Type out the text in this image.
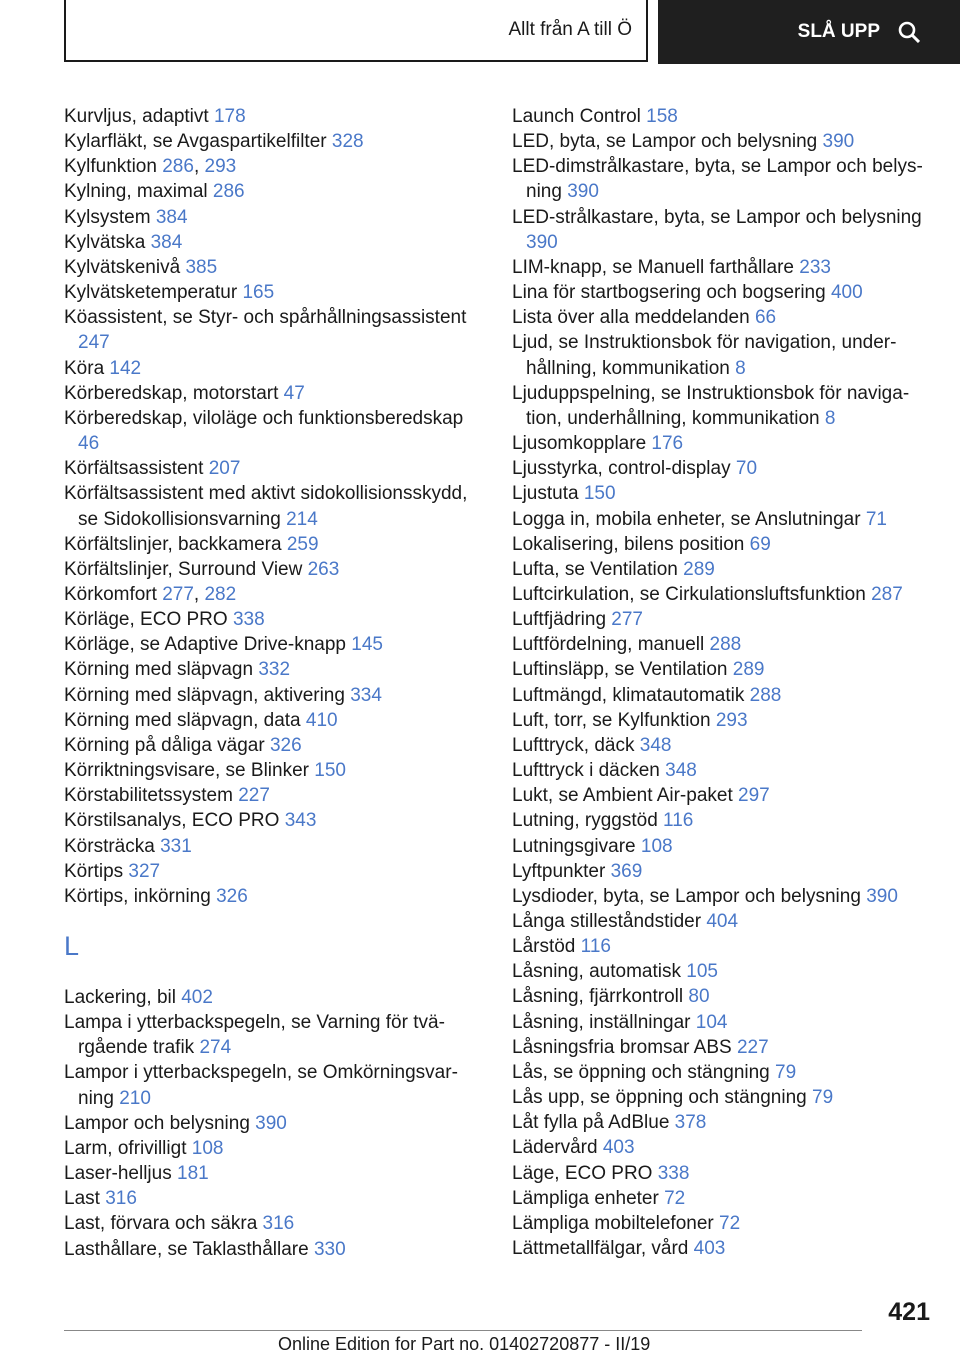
Allt från A till Ö	SLÅ UPP
Kurvljus, adaptivt 178
Kylarfläkt, se Avgaspartikelfilter 328
Kylfunktion 286, 293
Kylning, maximal 286
Kylsystem 384
Kylvätska 384
Kylvätskenivå 385
Kylvätsketemperatur 165
Köassistent, se Styr- och spårhållningsassistent 247
Köra 142
Körberedskap, motorstart 47
Körberedskap, viloläge och funktionsberedskap 46
Körfältsassistent 207
Körfältsassistent med aktivt sidokollisionsskydd, se Sidokollisionsvarning 214
Körfältslinjer, backkamera 259
Körfältslinjer, Surround View 263
Körkomfort 277, 282
Körläge, ECO PRO 338
Körläge, se Adaptive Drive-knapp 145
Körning med släpvagn 332
Körning med släpvagn, aktivering 334
Körning med släpvagn, data 410
Körning på dåliga vägar 326
Körriktningsvisare, se Blinker 150
Körstabilitetssystem 227
Körstilsanalys, ECO PRO 343
Körsträcka 331
Körtips 327
Körtips, inkörning 326
L
Lackering, bil 402
Lampa i ytterbackspegeln, se Varning för tvärgående trafik 274
Lampor i ytterbackspegeln, se Omkörningsvarning 210
Lampor och belysning 390
Larm, ofrivilligt 108
Laser-helljus 181
Last 316
Last, förvara och säkra 316
Lasthållare, se Taklasthållare 330
Launch Control 158
LED, byta, se Lampor och belysning 390
LED-dimstrålkastare, byta, se Lampor och belysning 390
LED-strålkastare, byta, se Lampor och belysning 390
LIM-knapp, se Manuell farthållare 233
Lina för startbogsering och bogsering 400
Lista över alla meddelanden 66
Ljud, se Instruktionsbok för navigation, underhållning, kommunikation 8
Ljuduppspelning, se Instruktionsbok för navigation, underhållning, kommunikation 8
Ljusomkopplare 176
Ljusstyrka, control-display 70
Ljustuta 150
Logga in, mobila enheter, se Anslutningar 71
Lokalisering, bilens position 69
Lufta, se Ventilation 289
Luftcirkulation, se Cirkulationsluftsfunktion 287
Luftfjädring 277
Luftfördelning, manuell 288
Luftinsläpp, se Ventilation 289
Luftmängd, klimatautomatik 288
Luft, torr, se Kylfunktion 293
Lufttryck, däck 348
Lufttryck i däcken 348
Lukt, se Ambient Air-paket 297
Lutning, ryggstöd 116
Lutningsgivare 108
Lyftpunkter 369
Lysdioder, byta, se Lampor och belysning 390
Långa stilleståndstider 404
Lårstöd 116
Låsning, automatisk 105
Låsning, fjärrkontroll 80
Låsning, inställningar 104
Låsningsfria bromsar ABS 227
Lås, se öppning och stängning 79
Lås upp, se öppning och stängning 79
Låt fylla på AdBlue 378
Lädervård 403
Läge, ECO PRO 338
Lämpliga enheter 72
Lämpliga mobiltelefoner 72
Lättmetallfälgar, vård 403
421
Online Edition for Part no. 01402720877 - II/19
